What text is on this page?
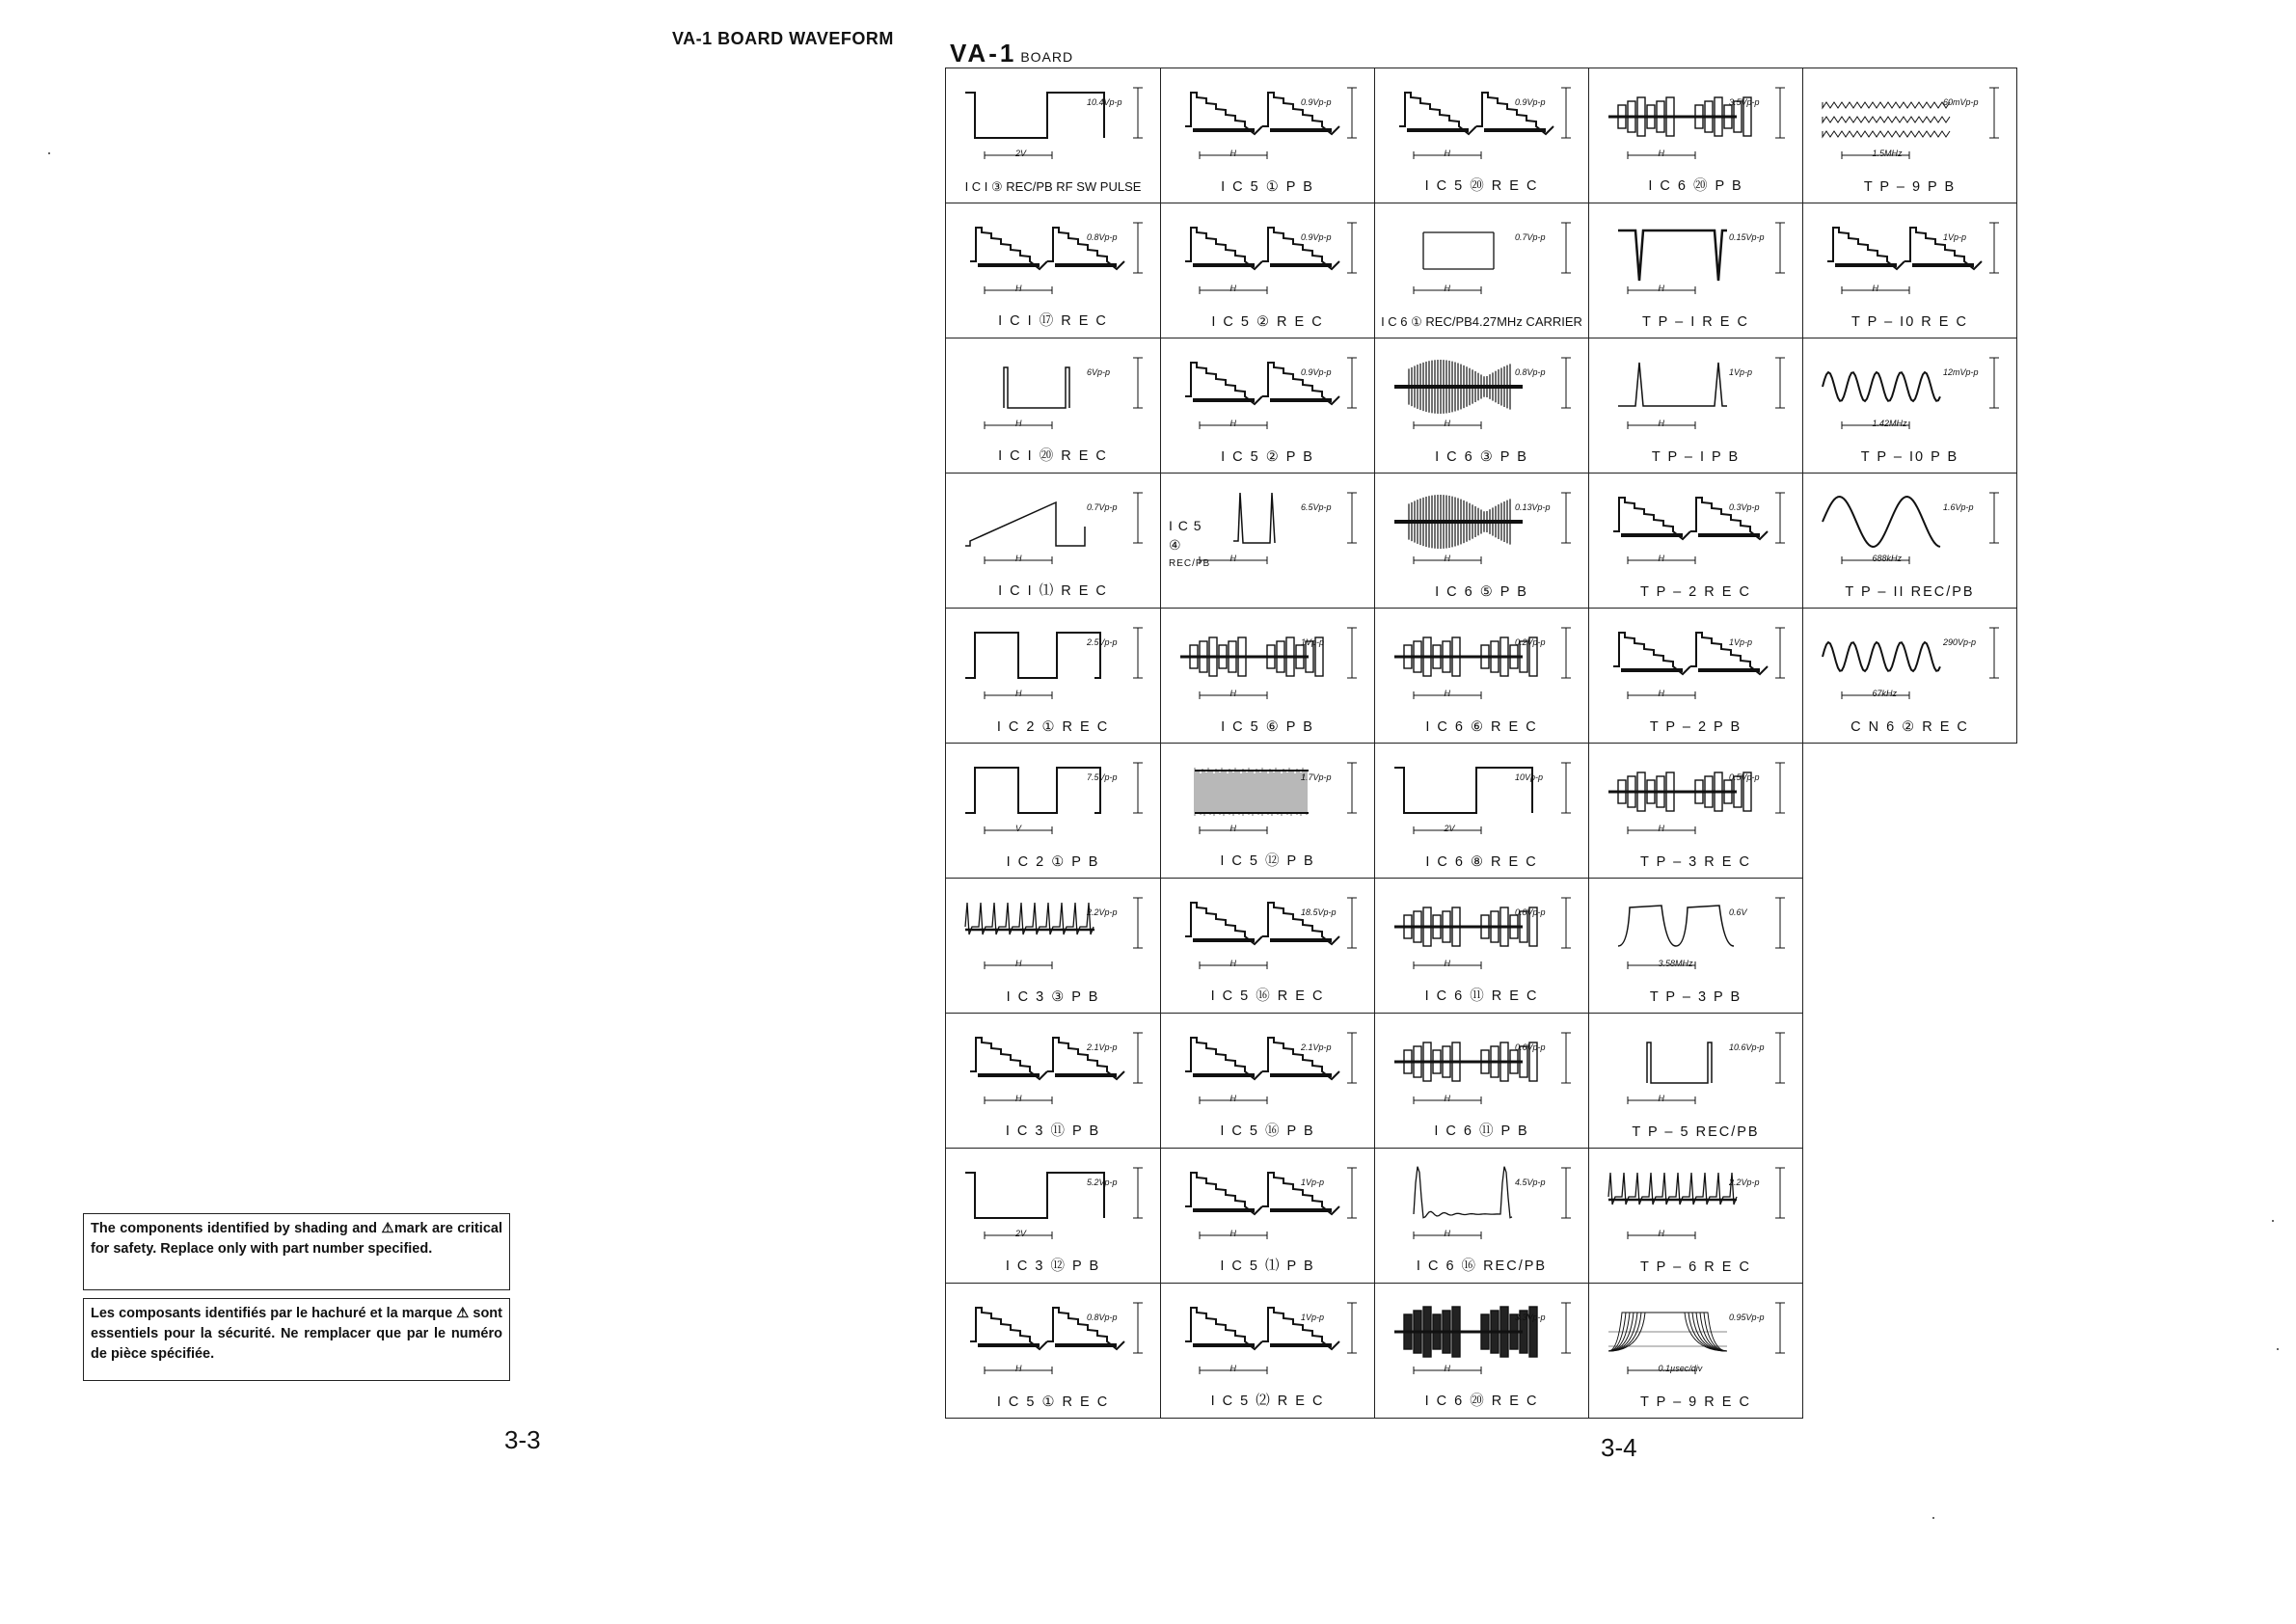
VA-1 BOARD WAVEFORM VA-1 BOARD
The components identified by shading and ⚠mark are critical for safety. Replace only with part number specified.
Les composants identifiés par le hachuré et la marque ⚠ sont essentiels pour la sécurité. Ne remplacer que par le numéro de pièce spécifiée.
3-3	3-4
10.4Vp-p
2V
I C I ③ REC/PB RF SW PULSE
0.9Vp-p
H
I C 5 ① P B
0.9Vp-p
H
I C 5 ⑳ R E C
3.5Vp-p
H
I C 6 ⑳ P B
60mVp-p
1.5MHz
T P – 9 P B
0.8Vp-p
H
I C I ⑰ R E C
0.9Vp-p
H
I C 5 ② R E C
0.7Vp-p
H
I C 6 ① REC/PB4.27MHz CARRIER
0.15Vp-p
H
T P – I R E C
1Vp-p
H
T P – I0 R E C
6Vp-p
H
I C I ⑳ R E C
0.9Vp-p
H
I C 5 ② P B
0.8Vp-p
H
I C 6 ③ P B
1Vp-p
H
T P – I P B
12mVp-p
1.42MHz
T P – I0 P B
0.7Vp-p
H
I C I ⑴ R E C
6.5Vp-p
H
I C 5
④
REC/PB
0.13Vp-p
H
I C 6 ⑤ P B
0.3Vp-p
H
T P – 2 R E C
1.6Vp-p
688kHz
T P – II REC/PB
2.5Vp-p
H
I C 2 ① R E C
1Vp-p
H
I C 5 ⑥ P B
0.2Vp-p
H
I C 6 ⑥ R E C
1Vp-p
H
T P – 2 P B
290Vp-p
67kHz
C N 6 ② R E C
7.5Vp-p
V
I C 2 ① P B
1.7Vp-p
H
I C 5 ⑫ P B
10Vp-p
2V
I C 6 ⑧ R E C
0.5Vp-p
H
T P – 3 R E C
2.2Vp-p
H
I C 3 ③ P B
18.5Vp-p
H
I C 5 ⑯ R E C
0.8Vp-p
H
I C 6 ⑪ R E C
0.6V
3.58MHz
T P – 3 P B
2.1Vp-p
H
I C 3 ⑪ P B
2.1Vp-p
H
I C 5 ⑯ P B
0.6Vp-p
H
I C 6 ⑪ P B
10.6Vp-p
H
T P – 5 REC/PB
5.2Vp-p
2V
I C 3 ⑫ P B
1Vp-p
H
I C 5 ⑴ P B
4.5Vp-p
H
I C 6 ⑯ REC/PB
2.2Vp-p
H
T P – 6 R E C
0.8Vp-p
H
I C 5 ① R E C
1Vp-p
H
I C 5 ⑵ R E C
3.3Vp-p
H
I C 6 ⑳ R E C
0.95Vp-p
0.1µsec/div
T P – 9 R E C
